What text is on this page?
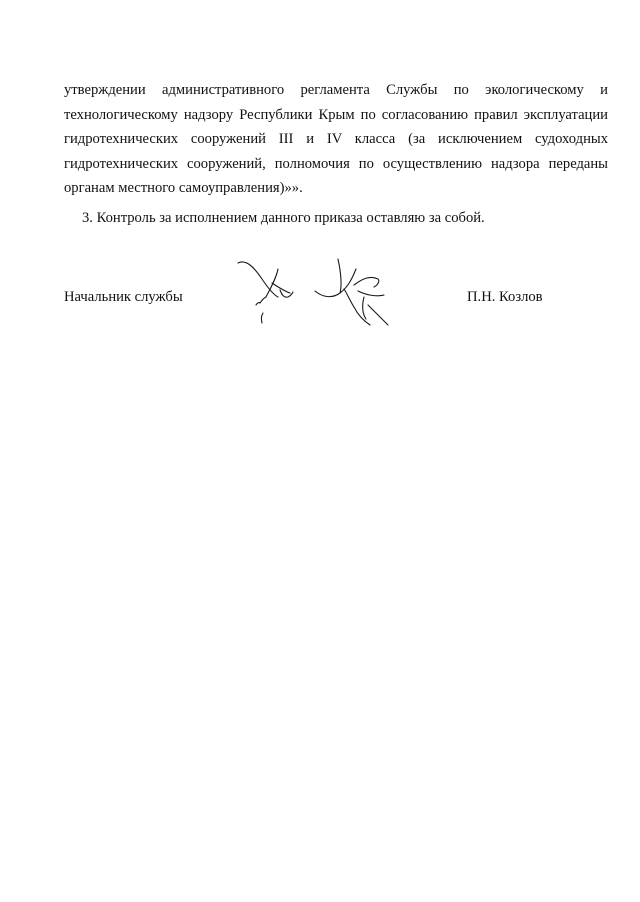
утверждении административного регламента Службы по экологическому и
технологическому надзору Республики Крым по согласованию правил эксплуатации
гидротехнических сооружений III и IV класса (за исключением судоходных
гидротехнических сооружений, полномочия по осуществлению надзора переданы
органам местного самоуправления)»».
3. Контроль за исполнением данного приказа оставляю за собой.
Начальник службы	П.Н. Козлов
